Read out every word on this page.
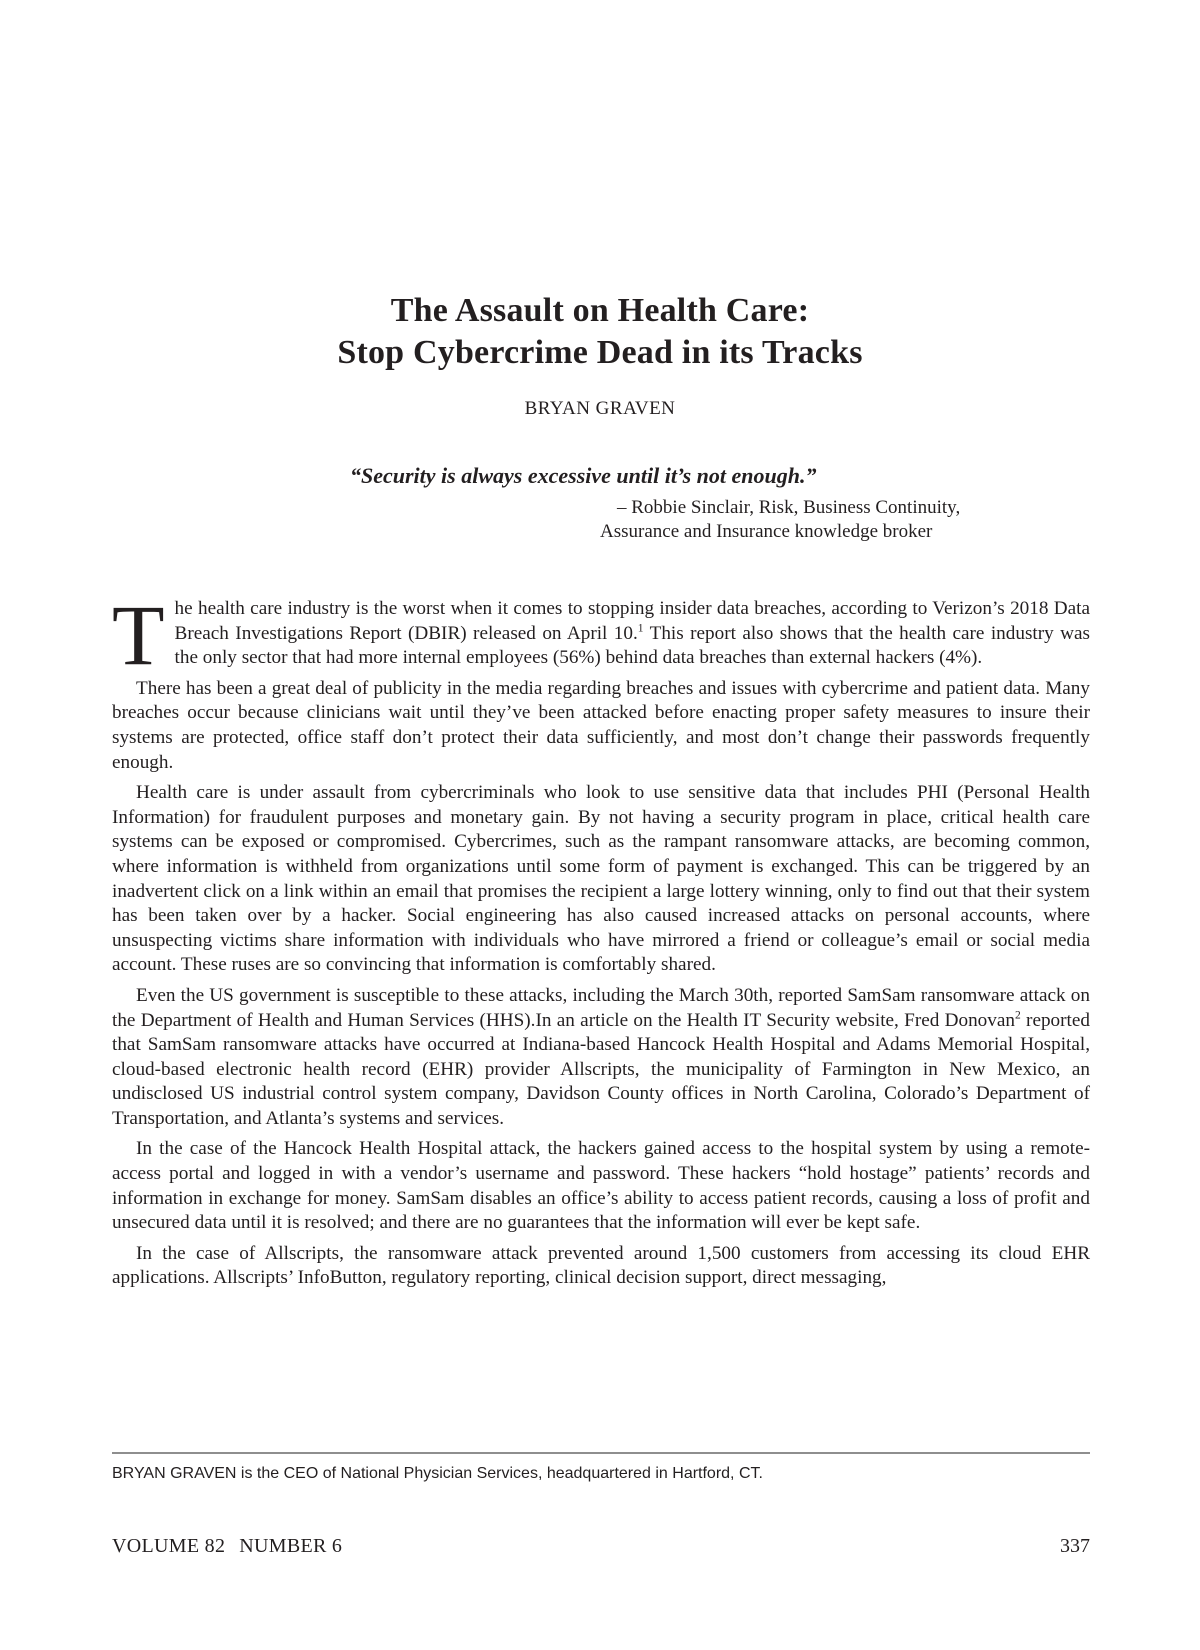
The Assault on Health Care:
Stop Cybercrime Dead in its Tracks
BRYAN GRAVEN
“Security is always excessive until it’s not enough.”
– Robbie Sinclair, Risk, Business Continuity,
Assurance and Insurance knowledge broker

The health care industry is the worst when it comes to stopping insider data breaches, according to Verizon’s 2018 Data Breach Investigations Report (DBIR) released on April 10.$^1$ This report also shows that the health care industry was the only sector that had more internal employees (56%) behind data breaches than external hackers (4%).

There has been a great deal of publicity in the media regarding breaches and issues with cybercrime and patient data. Many breaches occur because clinicians wait until they’ve been attacked before enacting proper safety measures to insure their systems are protected, office staff don’t protect their data sufficiently, and most don’t change their passwords frequently enough.

Health care is under assault from cybercriminals who look to use sensitive data that includes PHI (Personal Health Information) for fraudulent purposes and monetary gain. By not having a security program in place, critical health care systems can be exposed or compromised. Cybercrimes, such as the rampant ransomware attacks, are becoming common, where information is withheld from organizations until some form of payment is exchanged. This can be triggered by an inadvertent click on a link within an email that promises the recipient a large lottery winning, only to find out that their system has been taken over by a hacker. Social engineering has also caused increased attacks on personal accounts, where unsuspecting victims share information with individuals who have mirrored a friend or colleague’s email or social media account. These ruses are so convincing that information is comfortably shared.

Even the US government is susceptible to these attacks, including the March 30th, reported SamSam ransomware attack on the Department of Health and Human Services (HHS).In an article on the Health IT Security website, Fred Donovan$^2$ reported that SamSam ransomware attacks have occurred at Indiana-based Hancock Health Hospital and Adams Memorial Hospital, cloud-based electronic health record (EHR) provider Allscripts, the municipality of Farmington in New Mexico, an undisclosed US industrial control system company, Davidson County offices in North Carolina, Colorado’s Department of Transportation, and Atlanta’s systems and services.

In the case of the Hancock Health Hospital attack, the hackers gained access to the hospital system by using a remote-access portal and logged in with a vendor’s username and password. These hackers “hold hostage” patients’ records and information in exchange for money. SamSam disables an office’s ability to access patient records, causing a loss of profit and unsecured data until it is resolved; and there are no guarantees that the information will ever be kept safe.

In the case of Allscripts, the ransomware attack prevented around 1,500 customers from accessing its cloud EHR applications. Allscripts’ InfoButton, regulatory reporting, clinical decision support, direct messaging,

BRYAN GRAVEN is the CEO of National Physician Services, headquartered in Hartford, CT.
VOLUME 82 NUMBER 6	337
